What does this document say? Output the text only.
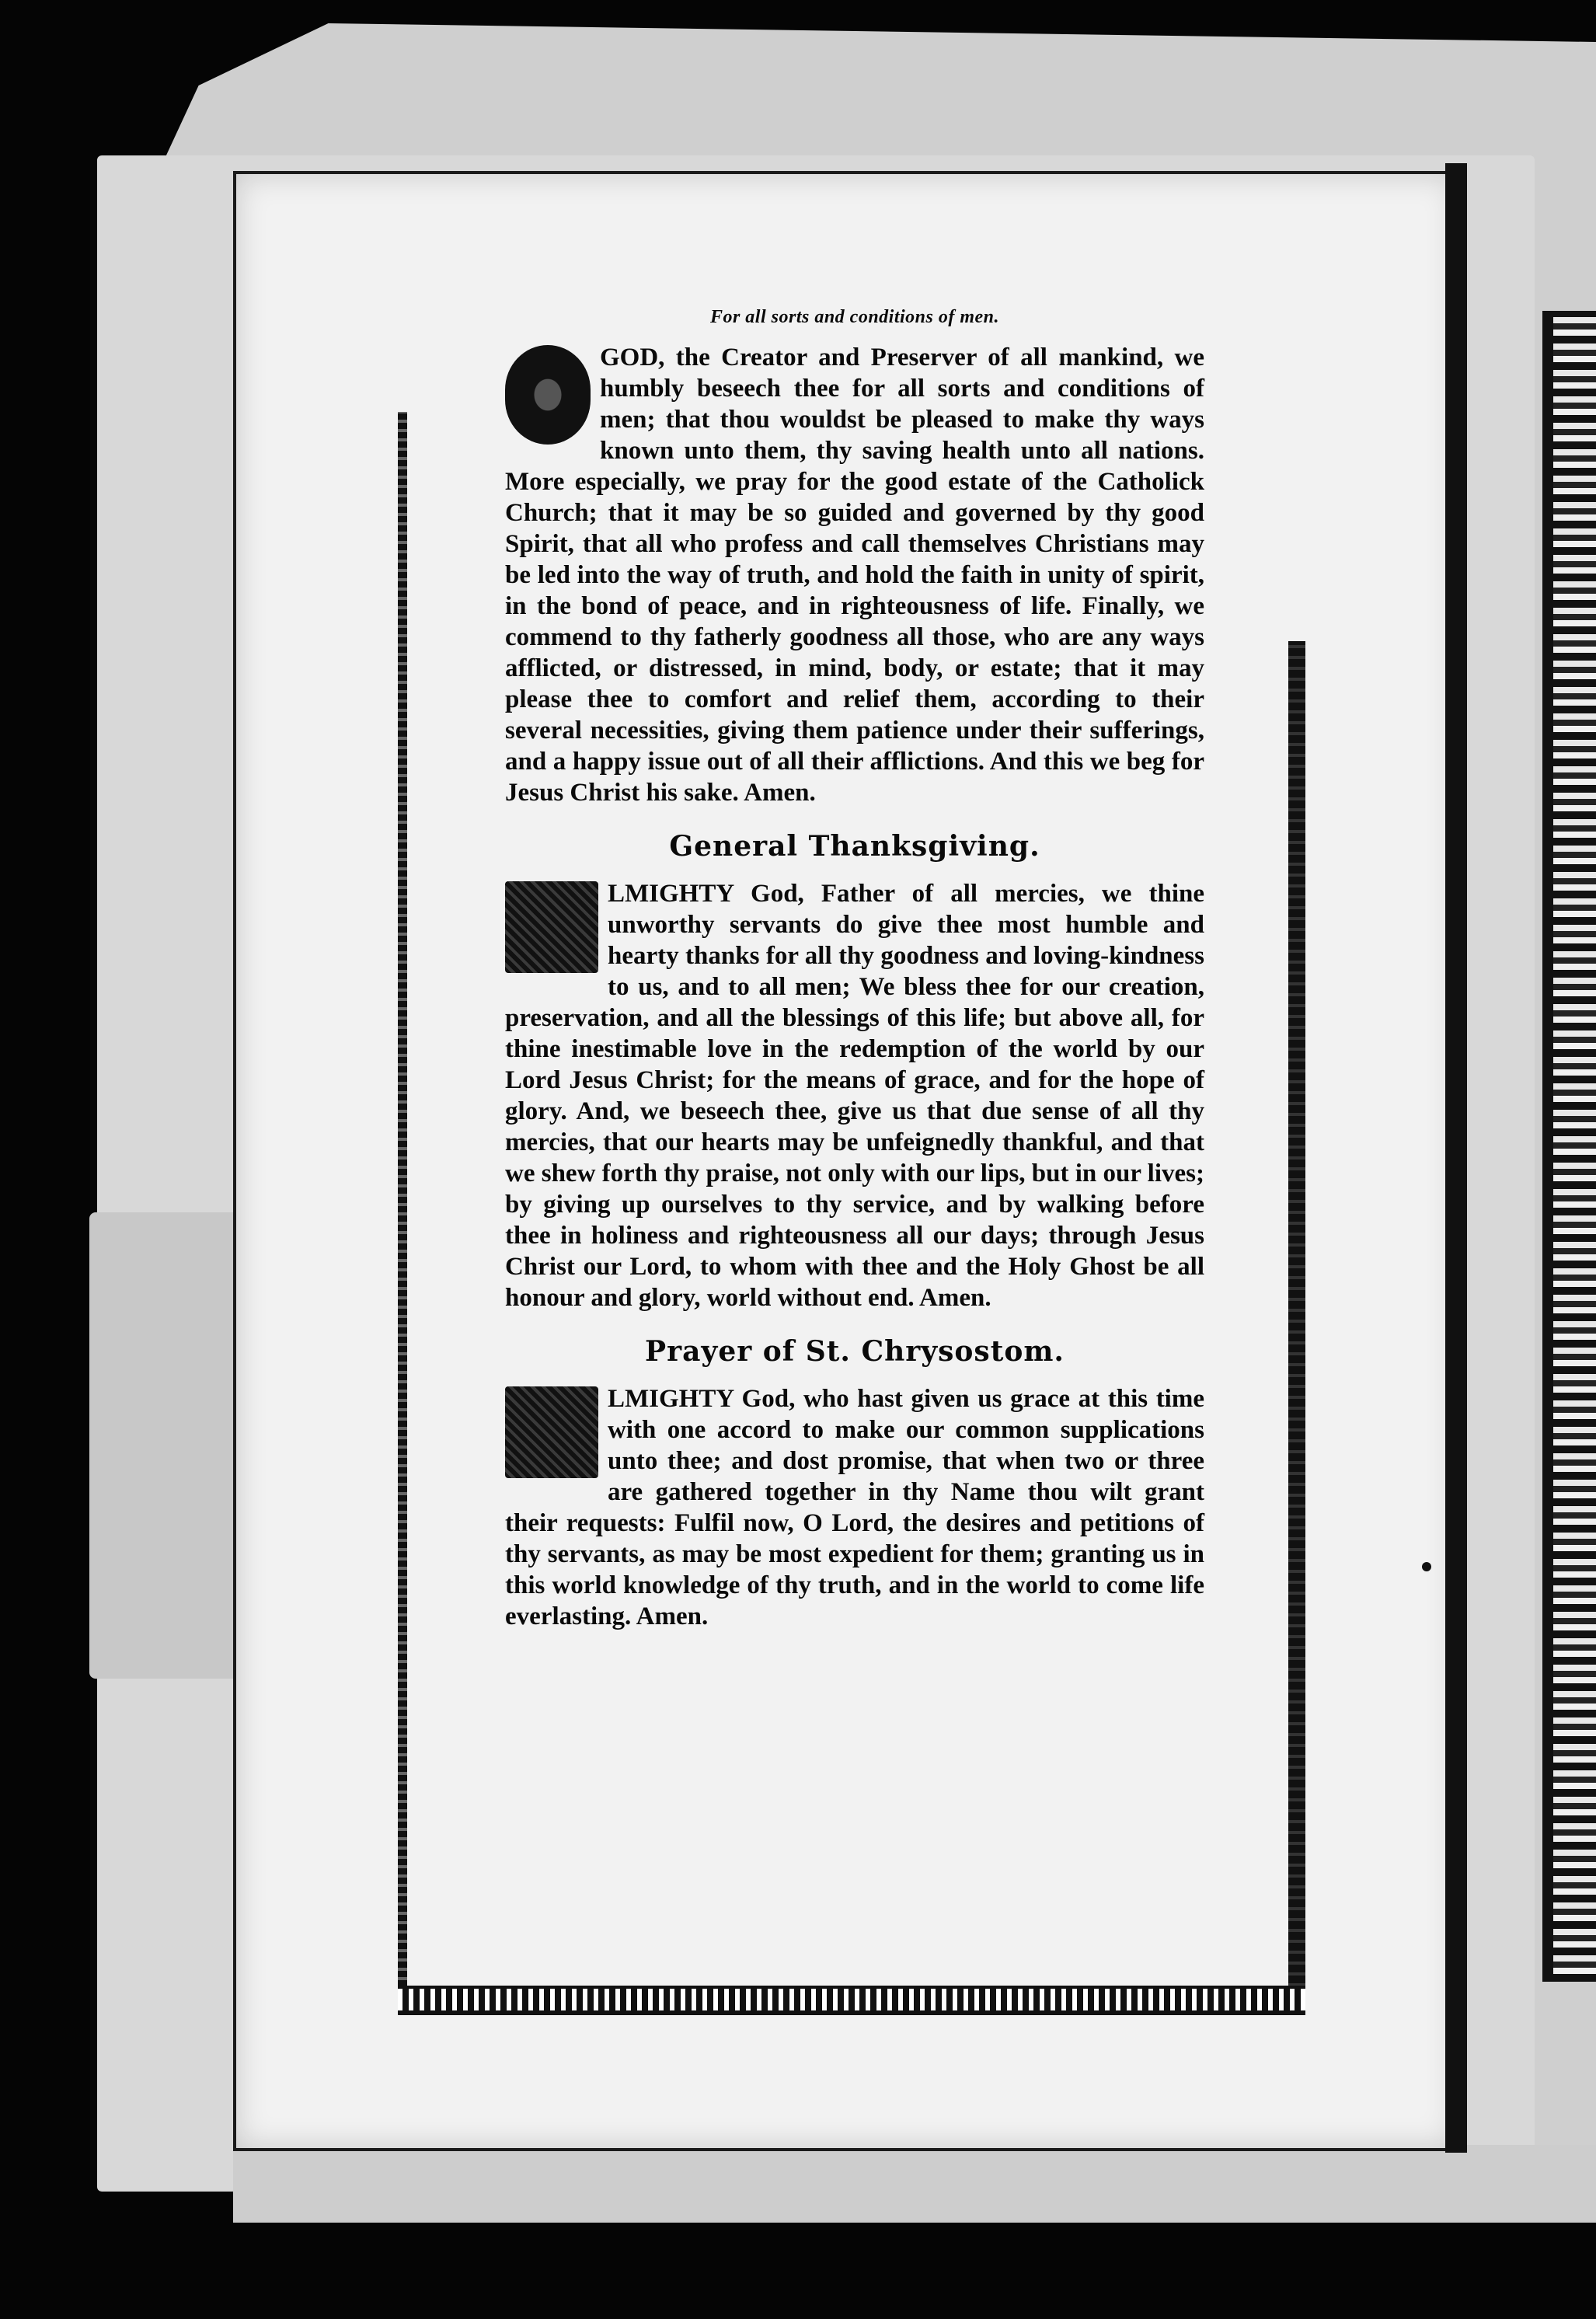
For all sorts and conditions of men.

GOD, the Creator and Preserver of all mankind, we humbly beseech thee for all sorts and conditions of men; that thou wouldst be pleased to make thy ways known unto them, thy saving health unto all nations. More especially, we pray for the good estate of the Catholick Church; that it may be so guided and governed by thy good Spirit, that all who profess and call themselves Christians may be led into the way of truth, and hold the faith in unity of spirit, in the bond of peace, and in righteousness of life. Finally, we commend to thy fatherly goodness all those, who are any ways afflicted, or distressed, in mind, body, or estate; that it may please thee to comfort and relief them, according to their several necessities, giving them patience under their sufferings, and a happy issue out of all their afflictions. And this we beg for Jesus Christ his sake. Amen.

General Thanksgiving.

LMIGHTY God, Father of all mercies, we thine unworthy servants do give thee most humble and hearty thanks for all thy goodness and loving-kindness to us, and to all men; We bless thee for our creation, preservation, and all the blessings of this life; but above all, for thine inestimable love in the redemption of the world by our Lord Jesus Christ; for the means of grace, and for the hope of glory. And, we beseech thee, give us that due sense of all thy mercies, that our hearts may be unfeignedly thankful, and that we shew forth thy praise, not only with our lips, but in our lives; by giving up ourselves to thy service, and by walking before thee in holiness and righteousness all our days; through Jesus Christ our Lord, to whom with thee and the Holy Ghost be all honour and glory, world without end. Amen.

Prayer of St. Chrysostom.

LMIGHTY God, who hast given us grace at this time with one accord to make our common supplications unto thee; and dost promise, that when two or three are gathered together in thy Name thou wilt grant their requests: Fulfil now, O Lord, the desires and petitions of thy servants, as may be most expedient for them; granting us in this world knowledge of thy truth, and in the world to come life everlasting. Amen.
